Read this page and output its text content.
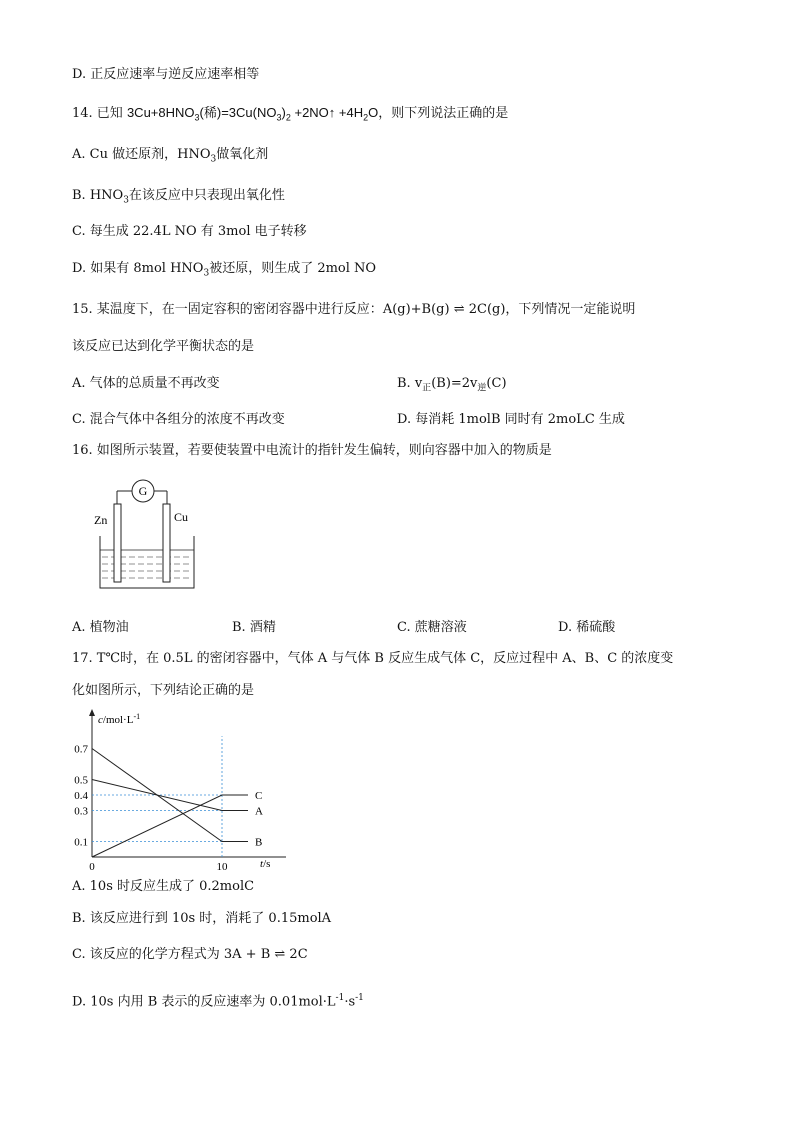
D. 正反应速率与逆反应速率相等
14. 已知 $3Cu+8HNO_3$(稀)$=3Cu(NO_3)_2$ +2NO↑ $+4H_2O$，则下列说法正确的是
A. Cu 做还原剂，$HNO_3$做氧化剂
B. $HNO_3$在该反应中只表现出氧化性
C. 每生成 22.4L NO 有 3mol 电子转移
D. 如果有 8mol $HNO_3$被还原，则生成了 2mol NO
15. 某温度下，在一固定容积的密闭容器中进行反应：A(g)+B(g) ⇌ 2C(g)，下列情况一定能说明
该反应已达到化学平衡状态的是
A. 气体的总质量不再改变	B. $v_正(B)=2v_逆(C)$
C. 混合气体中各组分的浓度不再改变	D. 每消耗 1molB 同时有 2moLC 生成
16. 如图所示装置，若要使装置中电流计的指针发生偏转，则向容器中加入的物质是
G
Zn	Cu
A. 植物油	B. 酒精	C. 蔗糖溶液	D. 稀硫酸
17. T℃时，在 0.5L 的密闭容器中，气体 A 与气体 B 反应生成气体 C，反应过程中 A、B、C 的浓度变
化如图所示，下列结论正确的是
$c/mol\cdot L^{-1}$
t/s
0.7
0.5
0.4
0.3
0.1
0	10
A
B
C
A. 10s 时反应生成了 0.2molC
B. 该反应进行到 10s 时，消耗了 0.15molA
C. 该反应的化学方程式为 3A + B ⇌ 2C
D. 10s 内用 B 表示的反应速率为 $0.01mol\cdot L^{-1}\cdot s^{-1}$
